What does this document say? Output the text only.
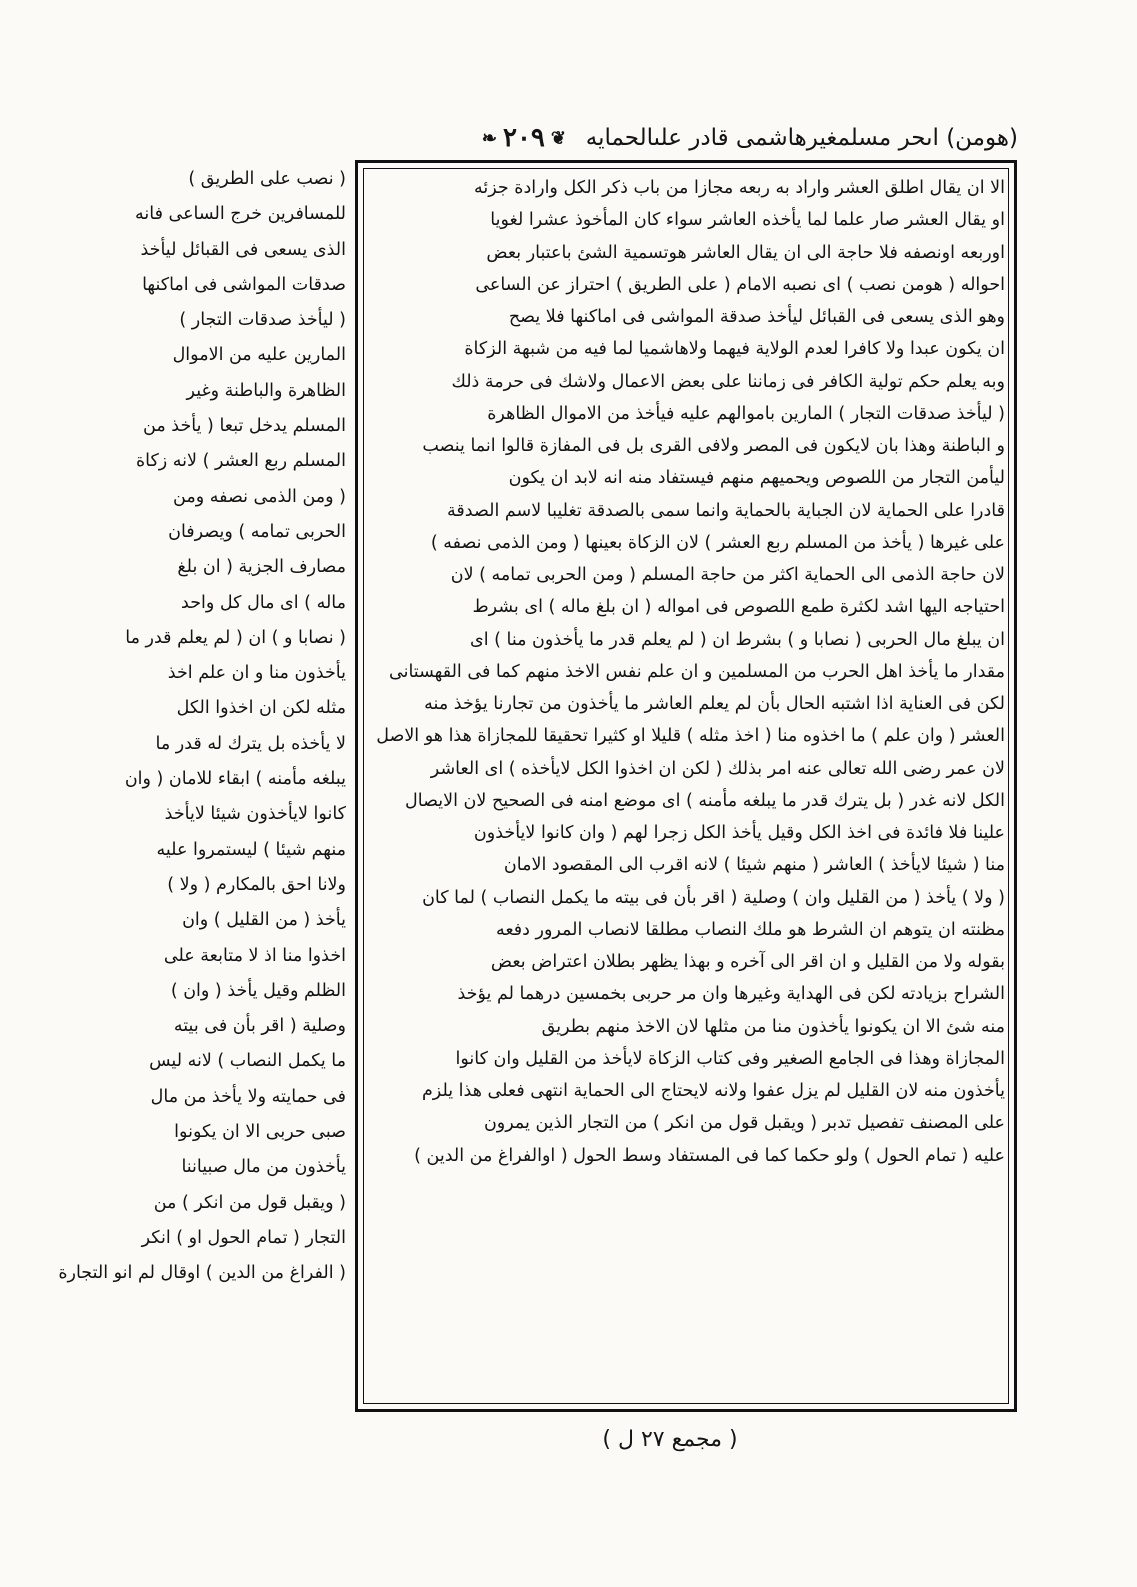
(هومن) اىحر مسلمغيرهاشمى قادر علىالحمايه
❦
٢٠٩
❧
الا ان يقال اطلق العشر واراد به ربعه مجازا من باب ذكر الكل وارادة جزئه
او يقال العشر صار علما لما يأخذه العاشر سواء كان المأخوذ عشرا لغويا
اوربعه اونصفه فلا حاجة الى ان يقال العاشر هوتسمية الشئ باعتبار بعض
احواله ( هومن نصب ) اى نصبه الامام ( على الطريق ) احتراز عن الساعى
وهو الذى يسعى فى القبائل ليأخذ صدقة المواشى فى اماكنها فلا يصح
ان يكون عبدا ولا كافرا لعدم الولاية فيهما ولاهاشميا لما فيه من شبهة الزكاة
وبه يعلم حكم تولية الكافر فى زماننا على بعض الاعمال ولاشك فى حرمة ذلك
( ليأخذ صدقات التجار ) المارين باموالهم عليه فيأخذ من الاموال الظاهرة
و الباطنة وهذا بان لايكون فى المصر ولافى القرى بل فى المفازة قالوا انما ينصب
ليأمن التجار من اللصوص ويحميهم منهم فيستفاد منه انه لابد ان يكون
قادرا على الحماية لان الجباية بالحماية وانما سمى بالصدقة تغليبا لاسم الصدقة
على غيرها ( يأخذ من المسلم ربع العشر ) لان الزكاة بعينها ( ومن الذمى نصفه )
لان حاجة الذمى الى الحماية اكثر من حاجة المسلم ( ومن الحربى تمامه ) لان
احتياجه اليها اشد لكثرة طمع اللصوص فى امواله ( ان بلغ ماله ) اى بشرط
ان يبلغ مال الحربى ( نصابا و ) بشرط ان ( لم يعلم قدر ما يأخذون منا ) اى
مقدار ما يأخذ اهل الحرب من المسلمين و ان علم نفس الاخذ منهم كما فى القهستانى
لكن فى العناية اذا اشتبه الحال بأن لم يعلم العاشر ما يأخذون من تجارنا يؤخذ منه
العشر ( وان علم ) ما اخذوه منا ( اخذ مثله ) قليلا او كثيرا تحقيقا للمجازاة هذا هو الاصل
لان عمر رضى الله تعالى عنه امر بذلك ( لكن ان اخذوا الكل لايأخذه ) اى العاشر
الكل لانه غدر ( بل يترك قدر ما يبلغه مأمنه ) اى موضع امنه فى الصحيح لان الايصال
علينا فلا فائدة فى اخذ الكل وقيل يأخذ الكل زجرا لهم ( وان كانوا لايأخذون
منا ( شيئا لايأخذ ) العاشر ( منهم شيئا ) لانه اقرب الى المقصود الامان
( ولا ) يأخذ ( من القليل وان ) وصلية ( اقر بأن فى بيته ما يكمل النصاب ) لما كان
مظنته ان يتوهم ان الشرط هو ملك النصاب مطلقا لانصاب المرور دفعه
بقوله ولا من القليل و ان اقر الى آخره و بهذا يظهر بطلان اعتراض بعض
الشراح بزيادته لكن فى الهداية وغيرها وان مر حربى بخمسين درهما لم يؤخذ
منه شئ الا ان يكونوا يأخذون منا من مثلها لان الاخذ منهم بطريق
المجازاة وهذا فى الجامع الصغير وفى كتاب الزكاة لايأخذ من القليل وان كانوا
يأخذون منه لان القليل لم يزل عفوا ولانه لايحتاج الى الحماية انتهى فعلى هذا يلزم
على المصنف تفصيل تدبر ( ويقبل قول من انكر ) من التجار الذين يمرون
عليه ( تمام الحول ) ولو حكما كما فى المستفاد وسط الحول ( اوالفراغ من الدين )
( نصب على الطريق )
للمسافرين خرج الساعى فانه
الذى يسعى فى القبائل ليأخذ
صدقات المواشى فى اماكنها
( ليأخذ صدقات التجار )
المارين عليه من الاموال
الظاهرة والباطنة وغير
المسلم يدخل تبعا ( يأخذ من
المسلم ربع العشر ) لانه زكاة
( ومن الذمى نصفه ومن
الحربى تمامه ) ويصرفان
مصارف الجزية ( ان بلغ
ماله ) اى مال كل واحد
( نصابا و ) ان ( لم يعلم قدر ما
يأخذون منا و ان علم اخذ
مثله لكن ان اخذوا الكل
لا يأخذه بل يترك له قدر ما
يبلغه مأمنه ) ابقاء للامان ( وان
كانوا لايأخذون شيئا لايأخذ
منهم شيئا ) ليستمروا عليه
ولانا احق بالمكارم ( ولا )
يأخذ ( من القليل ) وان
اخذوا منا اذ لا متابعة على
الظلم وقيل يأخذ ( وان )
وصلية ( اقر بأن فى بيته
ما يكمل النصاب ) لانه ليس
فى حمايته ولا يأخذ من مال
صبى حربى الا ان يكونوا
يأخذون من مال صبياننا
( ويقبل قول من انكر ) من
التجار ( تمام الحول او ) انكر
( الفراغ من الدين ) اوقال لم انو التجارة
( مجمع ٢٧ ل )
